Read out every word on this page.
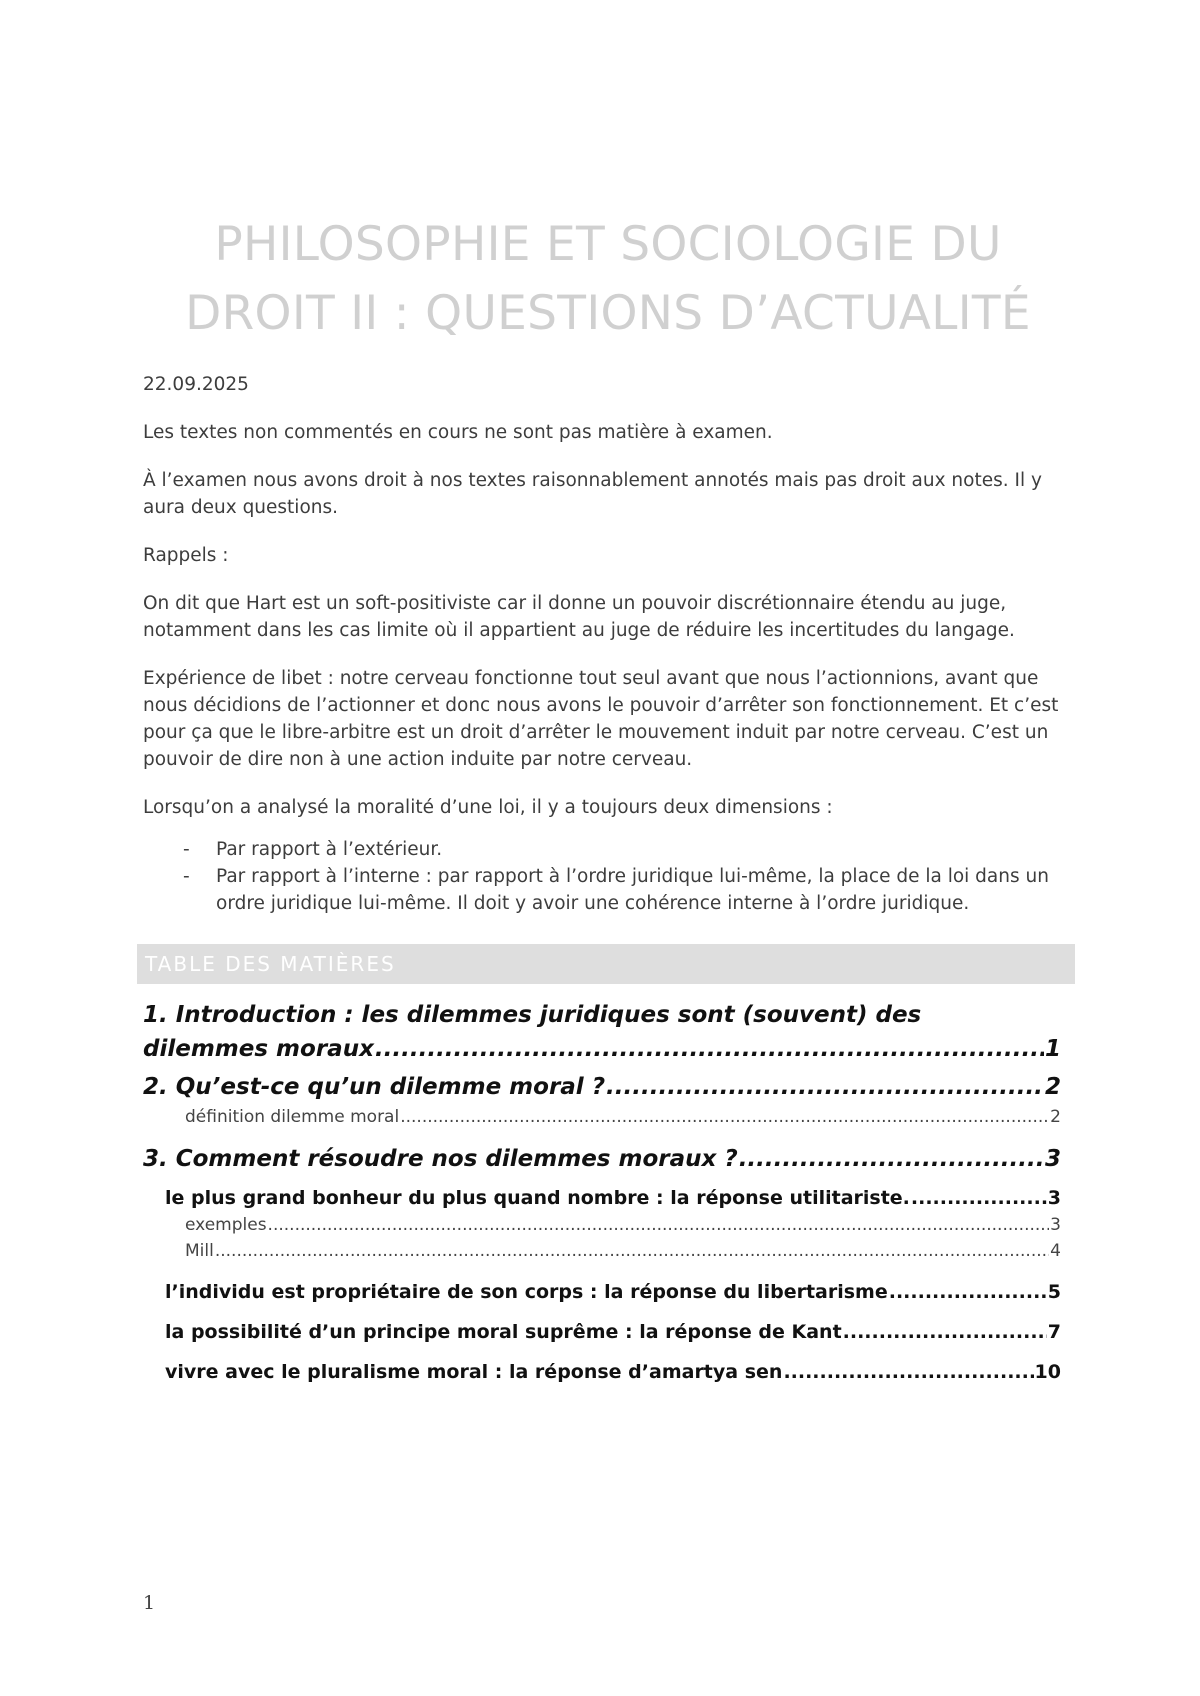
PHILOSOPHIE ET SOCIOLOGIE DU DROIT II : QUESTIONS D’ACTUALITÉ

22.09.2025

Les textes non commentés en cours ne sont pas matière à examen.

À l’examen nous avons droit à nos textes raisonnablement annotés mais pas droit aux notes. Il y aura deux questions.

Rappels :

On dit que Hart est un soft-positiviste car il donne un pouvoir discrétionnaire étendu au juge, notamment dans les cas limite où il appartient au juge de réduire les incertitudes du langage.

Expérience de libet : notre cerveau fonctionne tout seul avant que nous l’actionnions, avant que nous décidions de l’actionner et donc nous avons le pouvoir d’arrêter son fonctionnement. Et c’est pour ça que le libre-arbitre est un droit d’arrêter le mouvement induit par notre cerveau. C’est un pouvoir de dire non à une action induite par notre cerveau.

Lorsqu’on a analysé la moralité d’une loi, il y a toujours deux dimensions :

- Par rapport à l’extérieur.
- Par rapport à l’interne : par rapport à l’ordre juridique lui-même, la place de la loi dans un ordre juridique lui-même. Il doit y avoir une cohérence interne à l’ordre juridique.
TABLE DES MATIÈRES
1. Introduction : les dilemmes juridiques sont (souvent) des
dilemmes moraux .....	1
2. Qu’est-ce qu’un dilemme moral ? .....	2
définition dilemme moral .....	2
3. Comment résoudre nos dilemmes moraux ? .....	3
le plus grand bonheur du plus quand nombre : la réponse utilitariste. .....	3
exemples .....	3
Mill .....	4
l’individu est propriétaire de son corps : la réponse du libertarisme .....	5
la possibilité d’un principe moral suprême : la réponse de Kant .....	7
vivre avec le pluralisme moral : la réponse d’amartya sen .....	10
1
